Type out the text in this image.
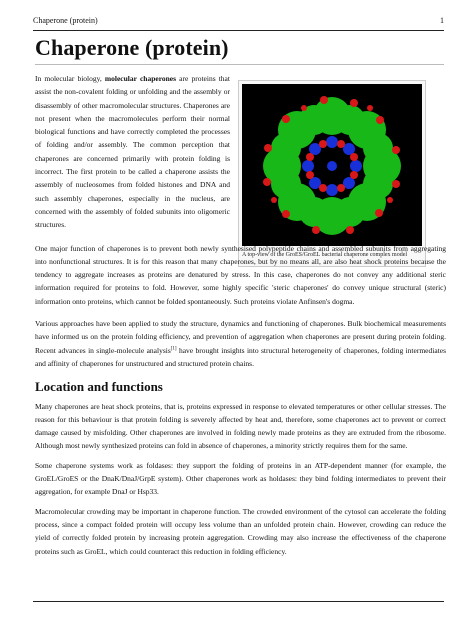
Chaperone (protein)	1
Chaperone (protein)
A top-view of the GroES/GroEL bacterial chaperone complex model

In molecular biology, molecular chaperones are proteins that assist the non-covalent folding or unfolding and the assembly or disassembly of other macromolecular structures. Chaperones are not present when the macromolecules perform their normal biological functions and have correctly completed the processes of folding and/or assembly. The common perception that chaperones are concerned primarily with protein folding is incorrect. The first protein to be called a chaperone assists the assembly of nucleosomes from folded histones and DNA and such assembly chaperones, especially in the nucleus, are concerned with the assembly of folded subunits into oligomeric structures.

One major function of chaperones is to prevent both newly synthesised polypeptide chains and assembled subunits from aggregating into nonfunctional structures. It is for this reason that many chaperones, but by no means all, are also heat shock proteins because the tendency to aggregate increases as proteins are denatured by stress. In this case, chaperones do not convey any additional steric information required for proteins to fold. However, some highly specific 'steric chaperones' do convey unique structural (steric) information onto proteins, which cannot be folded spontaneously. Such proteins violate Anfinsen's dogma.

Various approaches have been applied to study the structure, dynamics and functioning of chaperones. Bulk biochemical measurements have informed us on the protein folding efficiency, and prevention of aggregation when chaperones are present during protein folding. Recent advances in single-molecule analysis[1] have brought insights into structural heterogeneity of chaperones, folding intermediates and affinity of chaperones for unstructured and structured protein chains.

Location and functions

Many chaperones are heat shock proteins, that is, proteins expressed in response to elevated temperatures or other cellular stresses. The reason for this behaviour is that protein folding is severely affected by heat and, therefore, some chaperones act to prevent or correct damage caused by misfolding. Other chaperones are involved in folding newly made proteins as they are extruded from the ribosome. Although most newly synthesized proteins can fold in absence of chaperones, a minority strictly requires them for the same.

Some chaperone systems work as foldases: they support the folding of proteins in an ATP-dependent manner (for example, the GroEL/GroES or the DnaK/DnaJ/GrpE system). Other chaperones work as holdases: they bind folding intermediates to prevent their aggregation, for example DnaJ or Hsp33.

Macromolecular crowding may be important in chaperone function. The crowded environment of the cytosol can accelerate the folding process, since a compact folded protein will occupy less volume than an unfolded protein chain. However, crowding can reduce the yield of correctly folded protein by increasing protein aggregation. Crowding may also increase the effectiveness of the chaperone proteins such as GroEL, which could counteract this reduction in folding efficiency.
